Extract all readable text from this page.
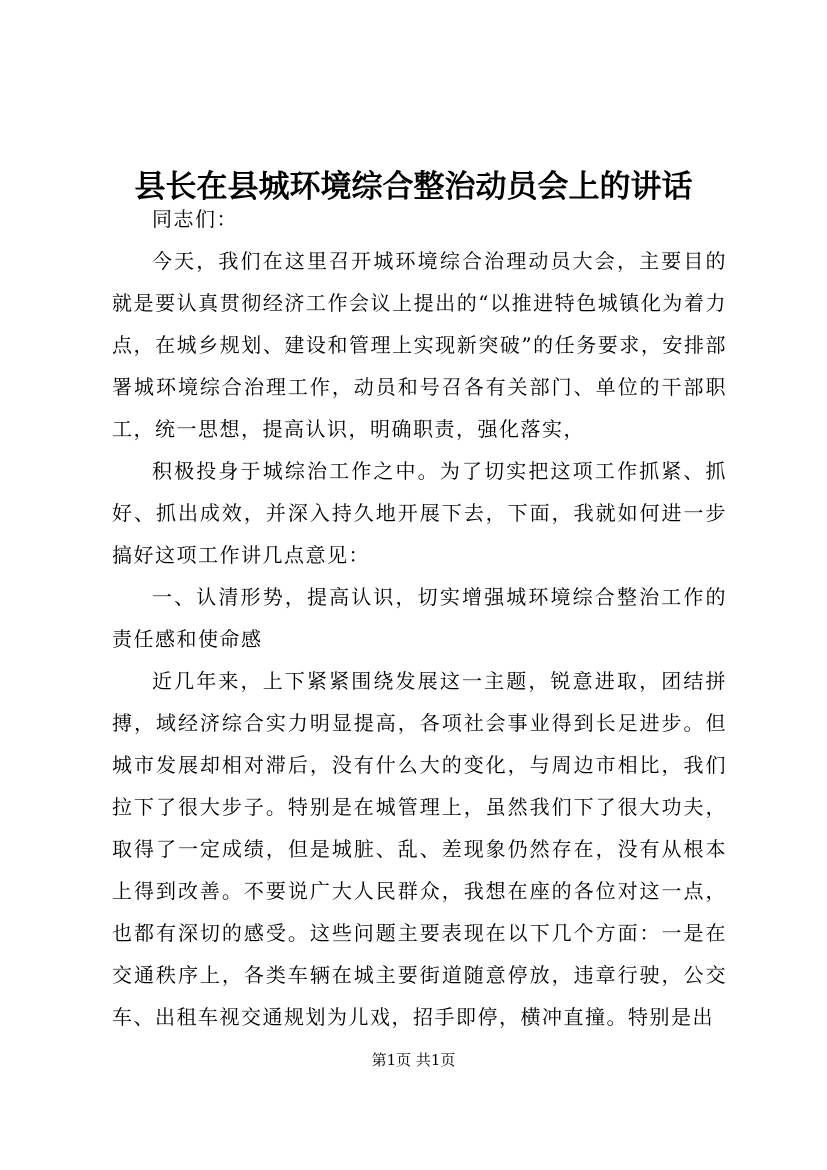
县长在县城环境综合整治动员会上的讲话

同志们：

今天，我们在这里召开城环境综合治理动员大会，主要目的就是要认真贯彻经济工作会议上提出的“以推进特色城镇化为着力点，在城乡规划、建设和管理上实现新突破”的任务要求，安排部署城环境综合治理工作，动员和号召各有关部门、单位的干部职工，统一思想，提高认识，明确职责，强化落实，

积极投身于城综治工作之中。为了切实把这项工作抓紧、抓好、抓出成效，并深入持久地开展下去，下面，我就如何进一步搞好这项工作讲几点意见：

一、认清形势，提高认识，切实增强城环境综合整治工作的责任感和使命感

近几年来，上下紧紧围绕发展这一主题，锐意进取，团结拼搏，域经济综合实力明显提高，各项社会事业得到长足进步。但城市发展却相对滞后，没有什么大的变化，与周边市相比，我们拉下了很大步子。特别是在城管理上，虽然我们下了很大功夫，取得了一定成绩，但是城脏、乱、差现象仍然存在，没有从根本上得到改善。不要说广大人民群众，我想在座的各位对这一点，也都有深切的感受。这些问题主要表现在以下几个方面：一是在交通秩序上，各类车辆在城主要街道随意停放，违章行驶，公交车、出租车视交通规划为儿戏，招手即停，横冲直撞。特别是出

第1页 共1页
